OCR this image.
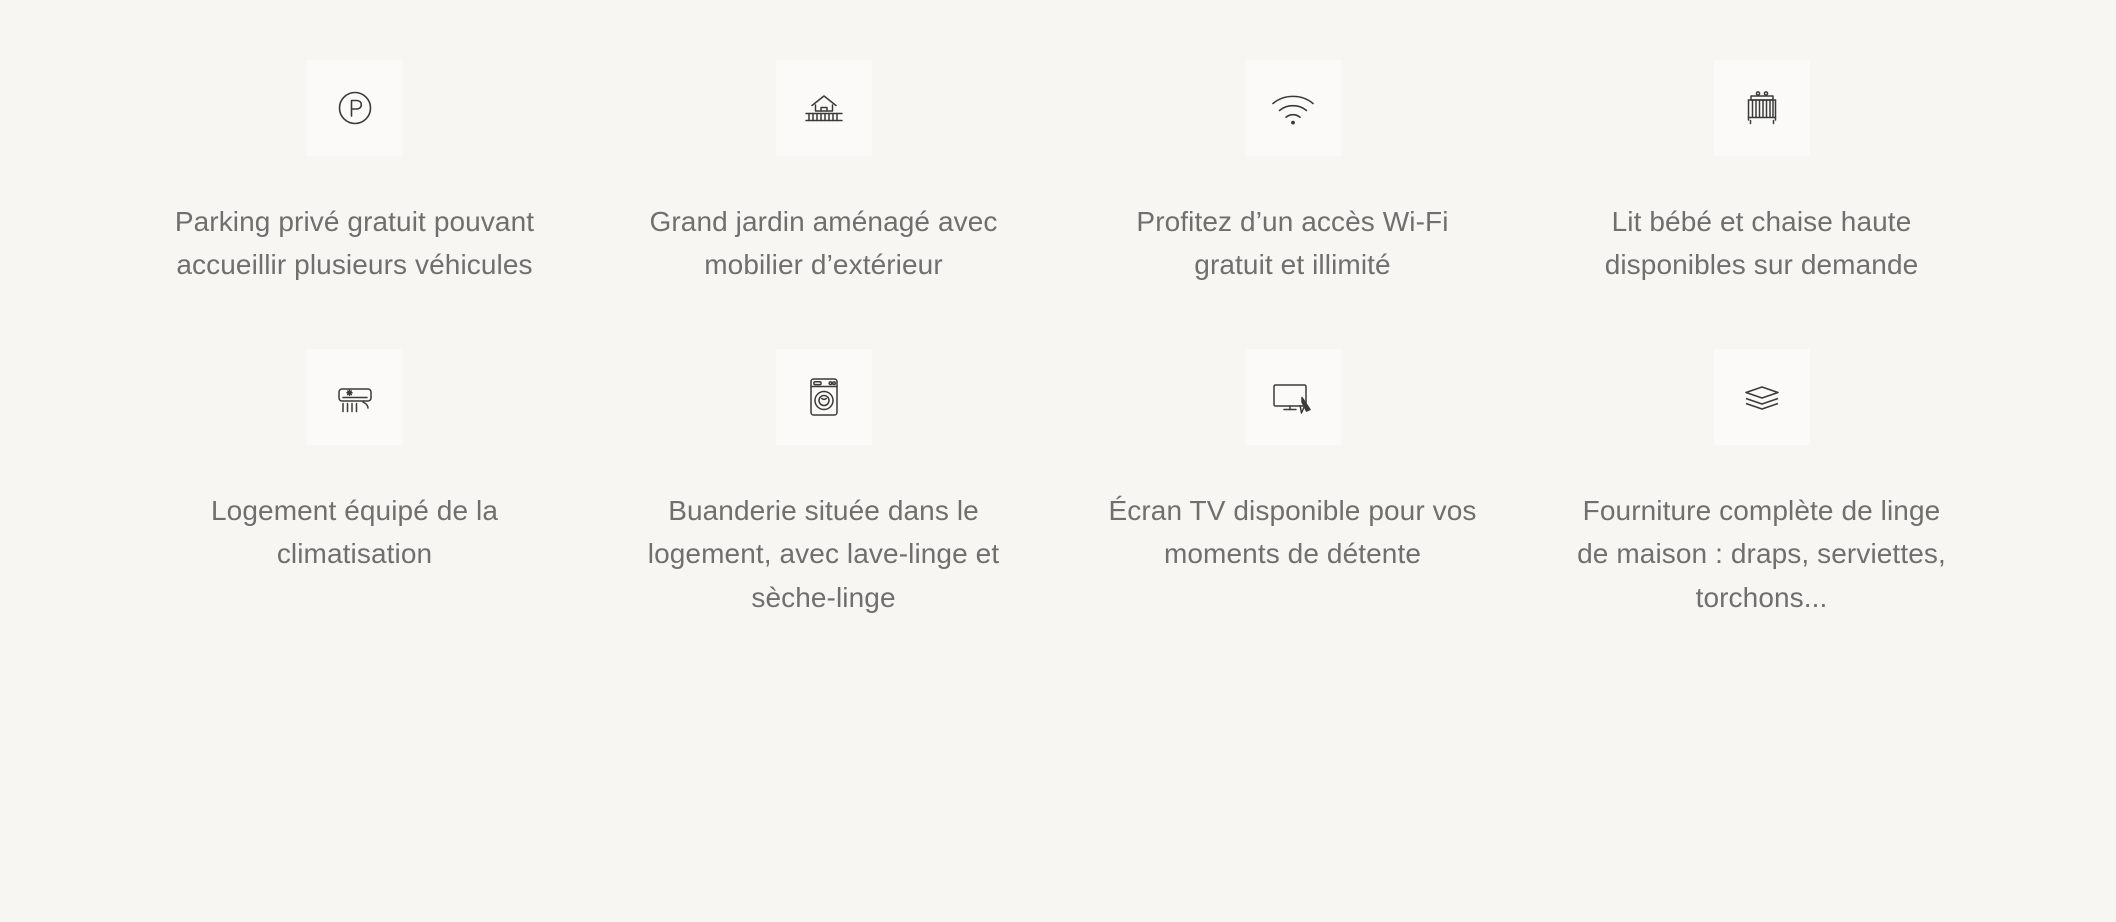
Parking privé gratuit pouvant accueillir plusieurs véhicules
Grand jardin aménagé avec mobilier d’extérieur
Profitez d’un accès Wi-Fi gratuit et illimité
Lit bébé et chaise haute disponibles sur demande
Logement équipé de la climatisation
Buanderie située dans le logement, avec lave-linge et sèche-linge
Écran TV disponible pour vos moments de détente
Fourniture complète de linge de maison : draps, serviettes, torchons...
